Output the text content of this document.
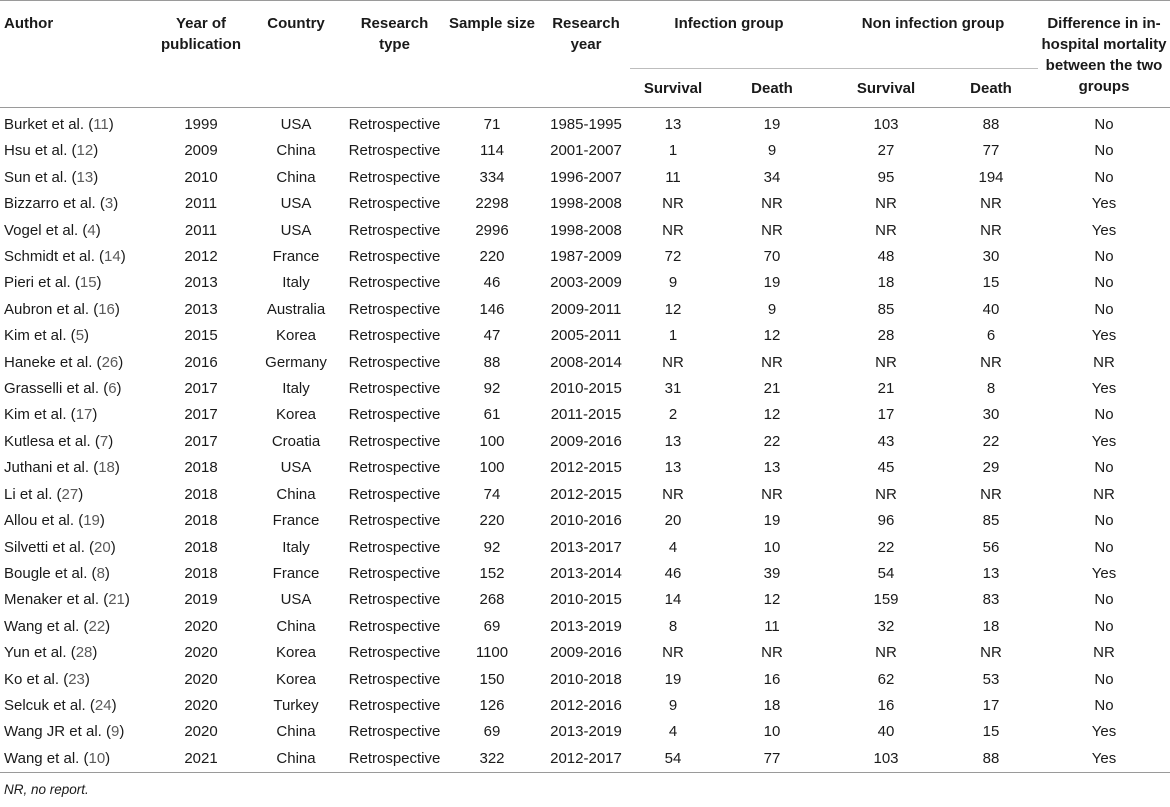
Author	Year of publication	Country	Research type	Sample size	Research year	Infection group		Non infection group		Difference in in-hospital mortality between the two groups
						Survival	Death	Survival	Death	
Burket et al. (11)	1999	USA	Retrospective	71	1985-1995	13	19	103	88	No
Hsu et al. (12)	2009	China	Retrospective	114	2001-2007	1	9	27	77	No
Sun et al. (13)	2010	China	Retrospective	334	1996-2007	11	34	95	194	No
Bizzarro et al. (3)	2011	USA	Retrospective	2298	1998-2008	NR	NR	NR	NR	Yes
Vogel et al. (4)	2011	USA	Retrospective	2996	1998-2008	NR	NR	NR	NR	Yes
Schmidt et al. (14)	2012	France	Retrospective	220	1987-2009	72	70	48	30	No
Pieri et al. (15)	2013	Italy	Retrospective	46	2003-2009	9	19	18	15	No
Aubron et al. (16)	2013	Australia	Retrospective	146	2009-2011	12	9	85	40	No
Kim et al. (5)	2015	Korea	Retrospective	47	2005-2011	1	12	28	6	Yes
Haneke et al. (26)	2016	Germany	Retrospective	88	2008-2014	NR	NR	NR	NR	NR
Grasselli et al. (6)	2017	Italy	Retrospective	92	2010-2015	31	21	21	8	Yes
Kim et al. (17)	2017	Korea	Retrospective	61	2011-2015	2	12	17	30	No
Kutlesa et al. (7)	2017	Croatia	Retrospective	100	2009-2016	13	22	43	22	Yes
Juthani et al. (18)	2018	USA	Retrospective	100	2012-2015	13	13	45	29	No
Li et al. (27)	2018	China	Retrospective	74	2012-2015	NR	NR	NR	NR	NR
Allou et al. (19)	2018	France	Retrospective	220	2010-2016	20	19	96	85	No
Silvetti et al. (20)	2018	Italy	Retrospective	92	2013-2017	4	10	22	56	No
Bougle et al. (8)	2018	France	Retrospective	152	2013-2014	46	39	54	13	Yes
Menaker et al. (21)	2019	USA	Retrospective	268	2010-2015	14	12	159	83	No
Wang et al. (22)	2020	China	Retrospective	69	2013-2019	8	11	32	18	No
Yun et al. (28)	2020	Korea	Retrospective	1100	2009-2016	NR	NR	NR	NR	NR
Ko et al. (23)	2020	Korea	Retrospective	150	2010-2018	19	16	62	53	No
Selcuk et al. (24)	2020	Turkey	Retrospective	126	2012-2016	9	18	16	17	No
Wang JR et al. (9)	2020	China	Retrospective	69	2013-2019	4	10	40	15	Yes
Wang et al. (10)	2021	China	Retrospective	322	2012-2017	54	77	103	88	Yes
NR, no report.
